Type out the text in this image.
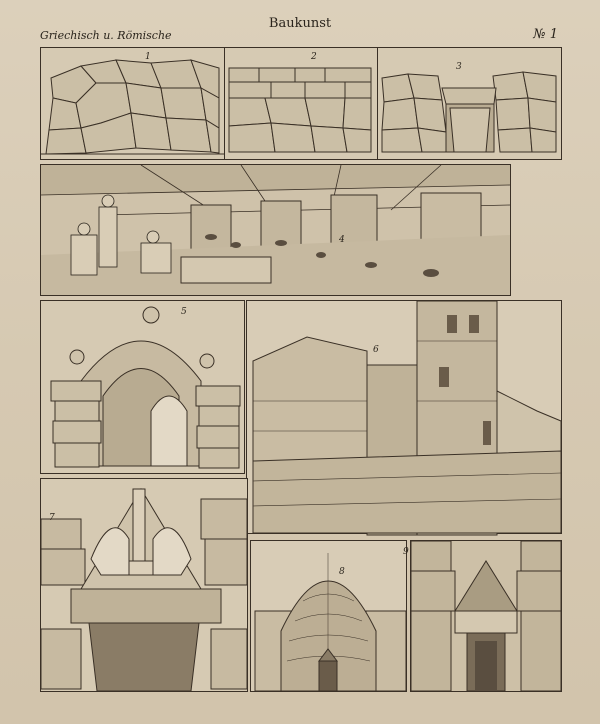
Baukunst
Griechisch u. Römische	№ 1
1	2
3
4
5
6
7
8
9
